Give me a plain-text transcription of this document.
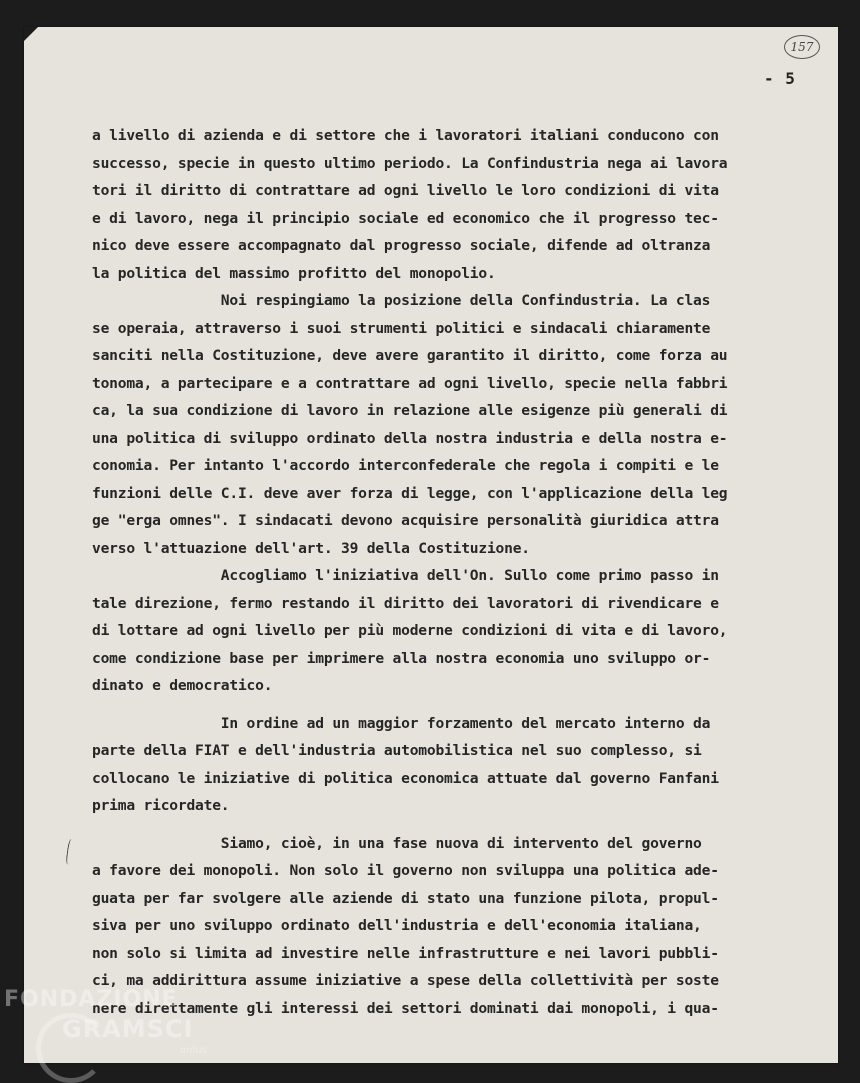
157
- 5
a livello di azienda e di settore che i lavoratori italiani conducono con
successo, specie in questo ultimo periodo. La Confindustria nega ai lavora
tori il diritto di contrattare ad ogni livello le loro condizioni di vita
e di lavoro, nega il principio sociale ed economico che il progresso tec-
nico deve essere accompagnato dal progresso sociale, difende ad oltranza
la politica del massimo profitto del monopolio.
Noi respingiamo la posizione della Confindustria. La clas
se operaia, attraverso i suoi strumenti politici e sindacali chiaramente
sanciti nella Costituzione, deve avere garantito il diritto, come forza au
tonoma, a partecipare e a contrattare ad ogni livello, specie nella fabbri
ca, la sua condizione di lavoro in relazione alle esigenze più generali di
una politica di sviluppo ordinato della nostra industria e della nostra e-
conomia. Per intanto l'accordo interconfederale che regola i compiti e le
funzioni delle C.I. deve aver forza di legge, con l'applicazione della leg
ge "erga omnes". I sindacati devono acquisire personalità giuridica attra
verso l'attuazione dell'art. 39 della Costituzione.
Accogliamo l'iniziativa dell'On. Sullo come primo passo in
tale direzione, fermo restando il diritto dei lavoratori di rivendicare e
di lottare ad ogni livello per più moderne condizioni di vita e di lavoro,
come condizione base per imprimere alla nostra economia uno sviluppo or-
dinato e democratico.
In ordine ad un maggior forzamento del mercato interno da
parte della FIAT e dell'industria automobilistica nel suo complesso, si
collocano le iniziative di politica economica attuate dal governo Fanfani
prima ricordate.
Siamo, cioè, in una fase nuova di intervento del governo
a favore dei monopoli. Non solo il governo non sviluppa una politica ade-
guata per far svolgere alle aziende di stato una funzione pilota, propul-
siva per uno sviluppo ordinato dell'industria e dell'economia italiana,
non solo si limita ad investire nelle infrastrutture e nei lavori pubbli-
ci, ma addirittura assume iniziative a spese della collettività per soste
nere direttamente gli interessi dei settori dominati dai monopoli, i qua-
FONDAZIONE
GRAMSCI
onlus
